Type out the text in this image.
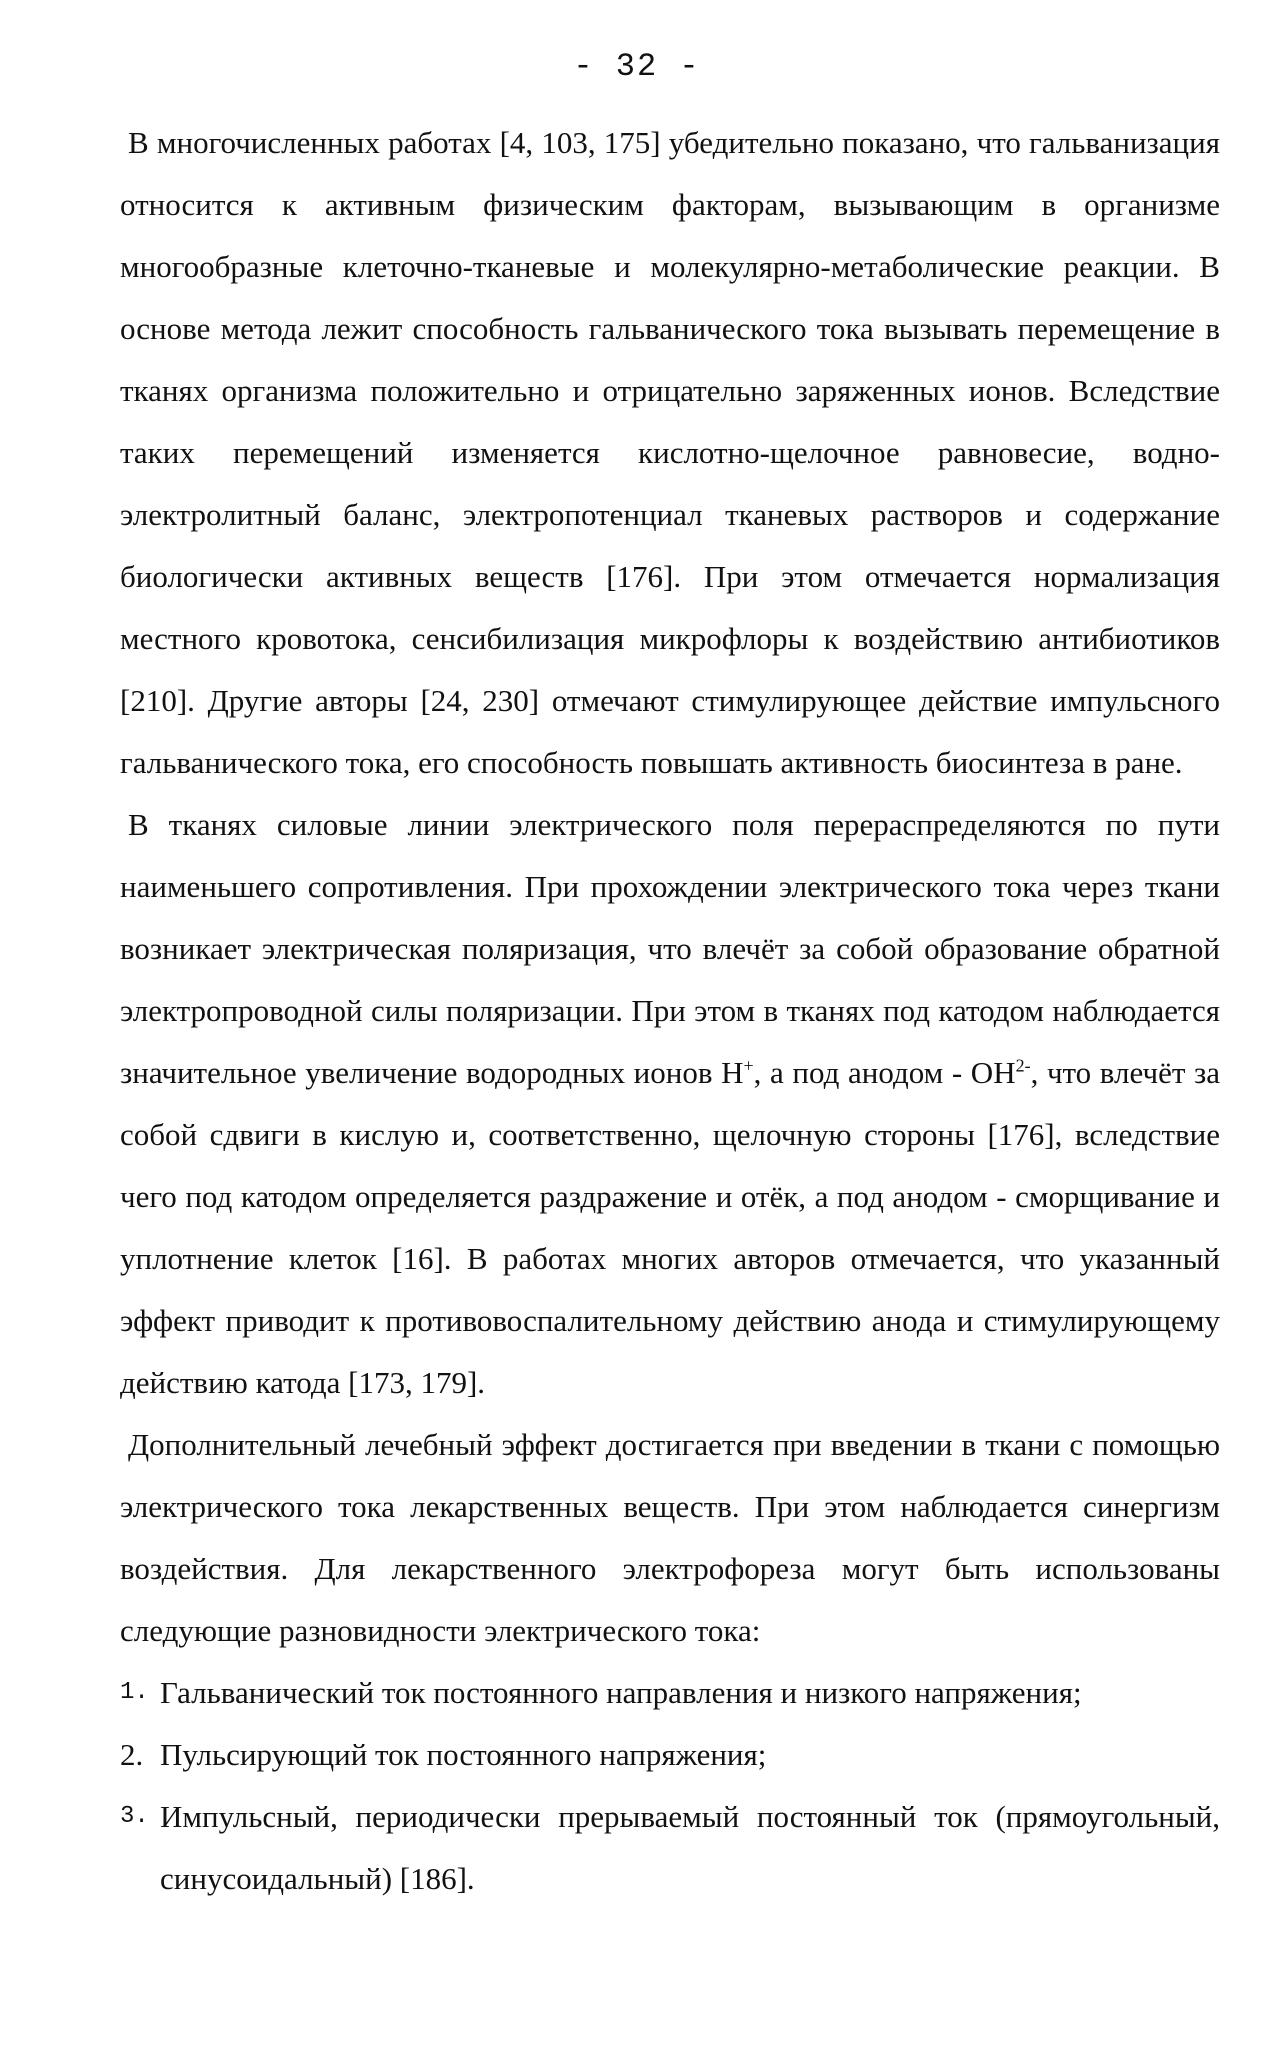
- 32 -

В многочисленных работах [4, 103, 175] убедительно показано, что гальванизация относится к активным физическим факторам, вызывающим в организме многообразные клеточно-тканевые и молекулярно-метаболические реакции. В основе метода лежит способность гальванического тока вызывать перемещение в тканях организма положительно и отрицательно заряженных ионов. Вследствие таких перемещений изменяется кислотно-щелочное равновесие, водно-электролитный баланс, электропотенциал тканевых растворов и содержание биологически активных веществ [176]. При этом отмечается нормализация местного кровотока, сенсибилизация микрофлоры к воздействию антибиотиков [210]. Другие авторы [24, 230] отмечают стимулирующее действие импульсного гальванического тока, его способность повышать активность биосинтеза в ране.

В тканях силовые линии электрического поля перераспределяются по пути наименьшего сопротивления. При прохождении электрического тока через ткани возникает электрическая поляризация, что влечёт за собой образование обратной электропроводной силы поляризации. При этом в тканях под катодом наблюдается значительное увеличение водородных ионов H+, а под анодом - $OH^{2-}$, что влечёт за собой сдвиги в кислую и, соответственно, щелочную стороны [176], вследствие чего под катодом определяется раздражение и отёк, а под анодом - сморщивание и уплотнение клеток [16]. В работах многих авторов отмечается, что указанный эффект приводит к противовоспалительному действию анода и стимулирующему действию катода [173, 179].

Дополнительный лечебный эффект достигается при введении в ткани с помощью электрического тока лекарственных веществ. При этом наблюдается синергизм воздействия. Для лекарственного электрофореза могут быть использованы следующие разновидности электрического тока:

1. Гальванический ток постоянного направления и низкого напряжения;
2. Пульсирующий ток постоянного напряжения;
3. Импульсный, периодически прерываемый постоянный ток (прямоугольный, синусоидальный) [186].
